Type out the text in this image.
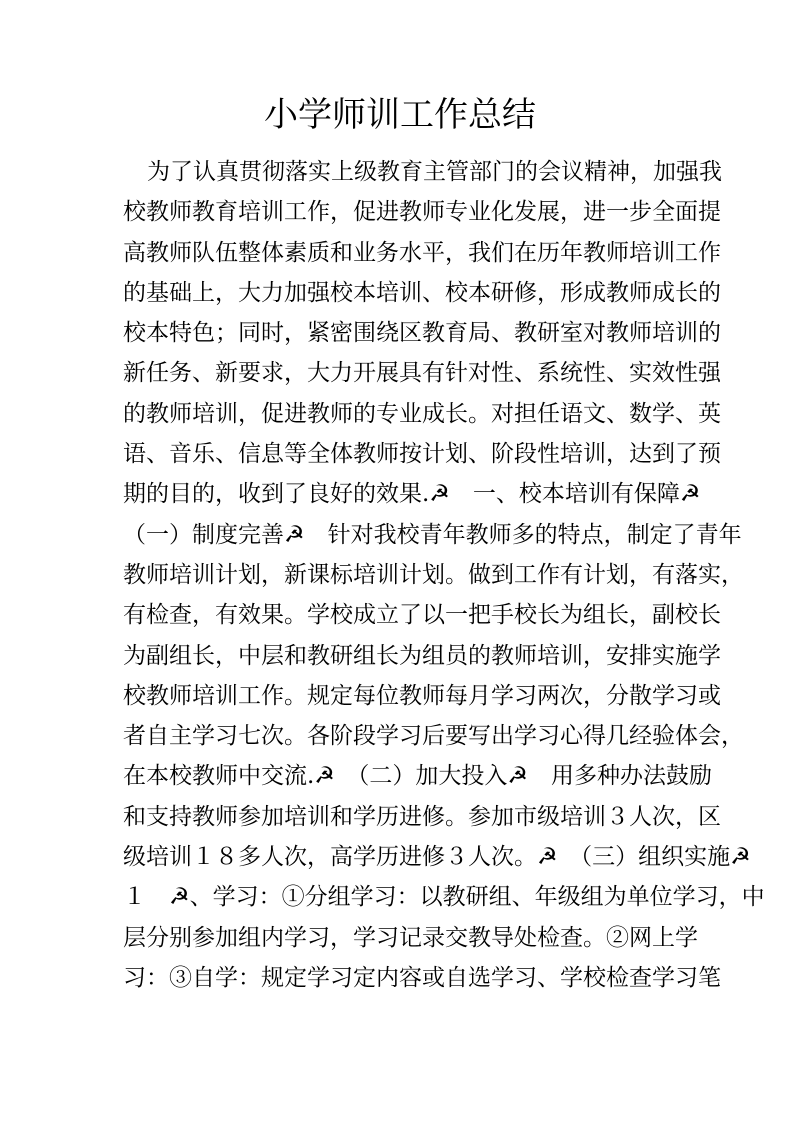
小学师训工作总结
为了认真贯彻落实上级教育主管部门的会议精神，加强我
校教师教育培训工作，促进教师专业化发展，进一步全面提
高教师队伍整体素质和业务水平，我们在历年教师培训工作
的基础上，大力加强校本培训、校本研修，形成教师成长的
校本特色；同时，紧密围绕区教育局、教研室对教师培训的
新任务、新要求，大力开展具有针对性、系统性、实效性强
的教师培训，促进教师的专业成长。对担任语文、数学、英
语、音乐、信息等全体教师按计划、阶段性培训，达到了预
期的目的，收到了良好的效果.☭　一、校本培训有保障☭
（一）制度完善☭　针对我校青年教师多的特点，制定了青年
教师培训计划，新课标培训计划。做到工作有计划，有落实，
有检查，有效果。学校成立了以一把手校长为组长，副校长
为副组长，中层和教研组长为组员的教师培训，安排实施学
校教师培训工作。规定每位教师每月学习两次，分散学习或
者自主学习七次。各阶段学习后要写出学习心得几经验体会，
在本校教师中交流.☭　（二）加大投入☭　用多种办法鼓励
和支持教师参加培训和学历进修。参加市级培训３人次，区
级培训１８多人次，高学历进修３人次。☭　（三）组织实施☭
１　☭、学习：①分组学习：以教研组、年级组为单位学习，中
层分别参加组内学习，学习记录交教导处检查。②网上学
习：③自学：规定学习定内容或自选学习、学校检查学习笔
